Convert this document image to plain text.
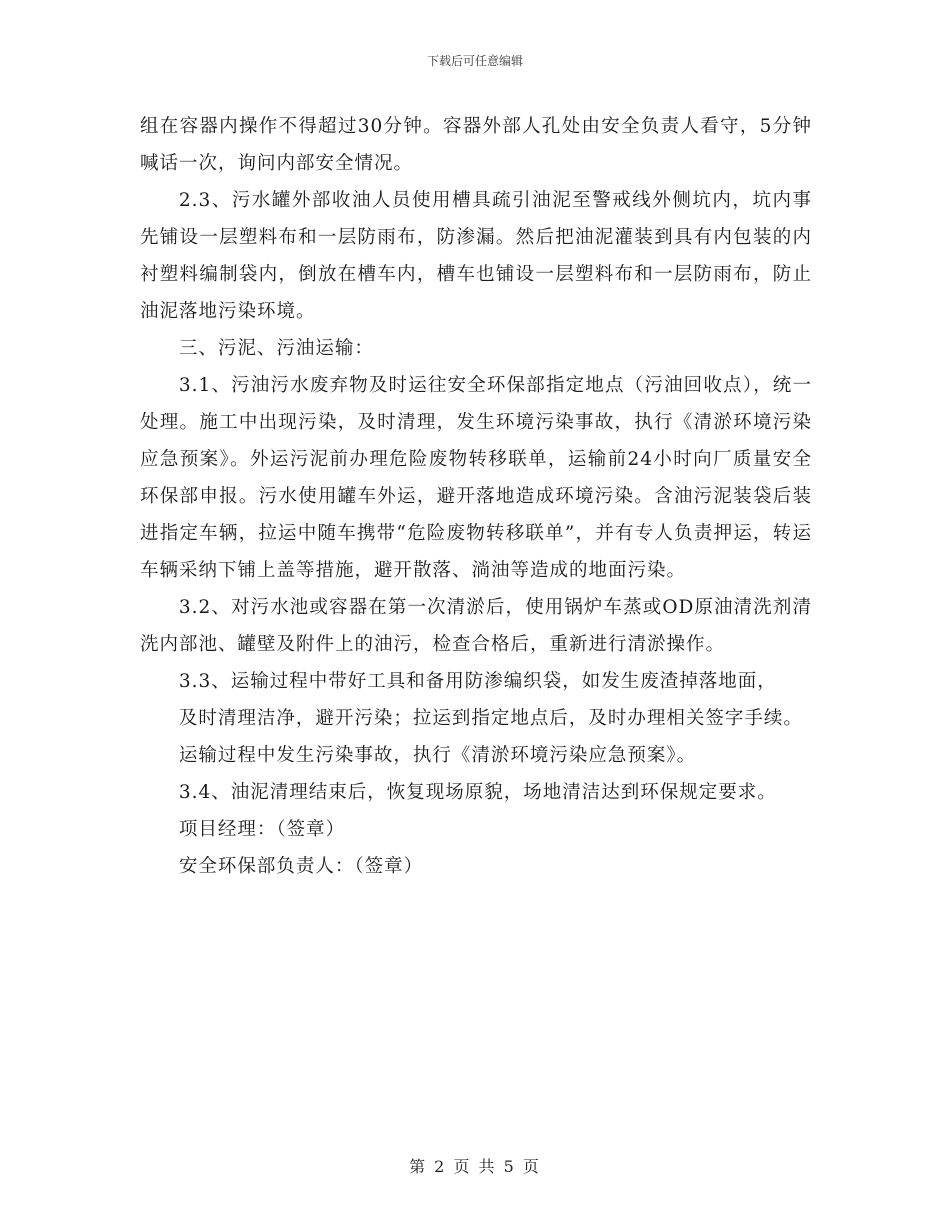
下载后可任意编辑

组在容器内操作不得超过30分钟。容器外部人孔处由安全负责人看守，5分钟喊话一次，询问内部安全情况。

2.3、污水罐外部收油人员使用槽具疏引油泥至警戒线外侧坑内，坑内事先铺设一层塑料布和一层防雨布，防渗漏。然后把油泥灌装到具有内包装的内衬塑料编制袋内，倒放在槽车内，槽车也铺设一层塑料布和一层防雨布，防止油泥落地污染环境。

三、污泥、污油运输：

3.1、污油污水废弃物及时运往安全环保部指定地点（污油回收点），统一处理。施工中出现污染，及时清理，发生环境污染事故，执行《清淤环境污染应急预案》。外运污泥前办理危险废物转移联单，运输前24小时向厂质量安全环保部申报。污水使用罐车外运，避开落地造成环境污染。含油污泥装袋后装进指定车辆，拉运中随车携带“危险废物转移联单”，并有专人负责押运，转运车辆采纳下铺上盖等措施，避开散落、淌油等造成的地面污染。

3.2、对污水池或容器在第一次清淤后，使用锅炉车蒸或OD原油清洗剂清洗内部池、罐壁及附件上的油污，检查合格后，重新进行清淤操作。

3.3、运输过程中带好工具和备用防渗编织袋，如发生废渣掉落地面，

及时清理洁净，避开污染；拉运到指定地点后，及时办理相关签字手续。

运输过程中发生污染事故，执行《清淤环境污染应急预案》。

3.4、油泥清理结束后，恢复现场原貌，场地清洁达到环保规定要求。

项目经理：（签章）

安全环保部负责人：（签章）

第 2 页 共 5 页
